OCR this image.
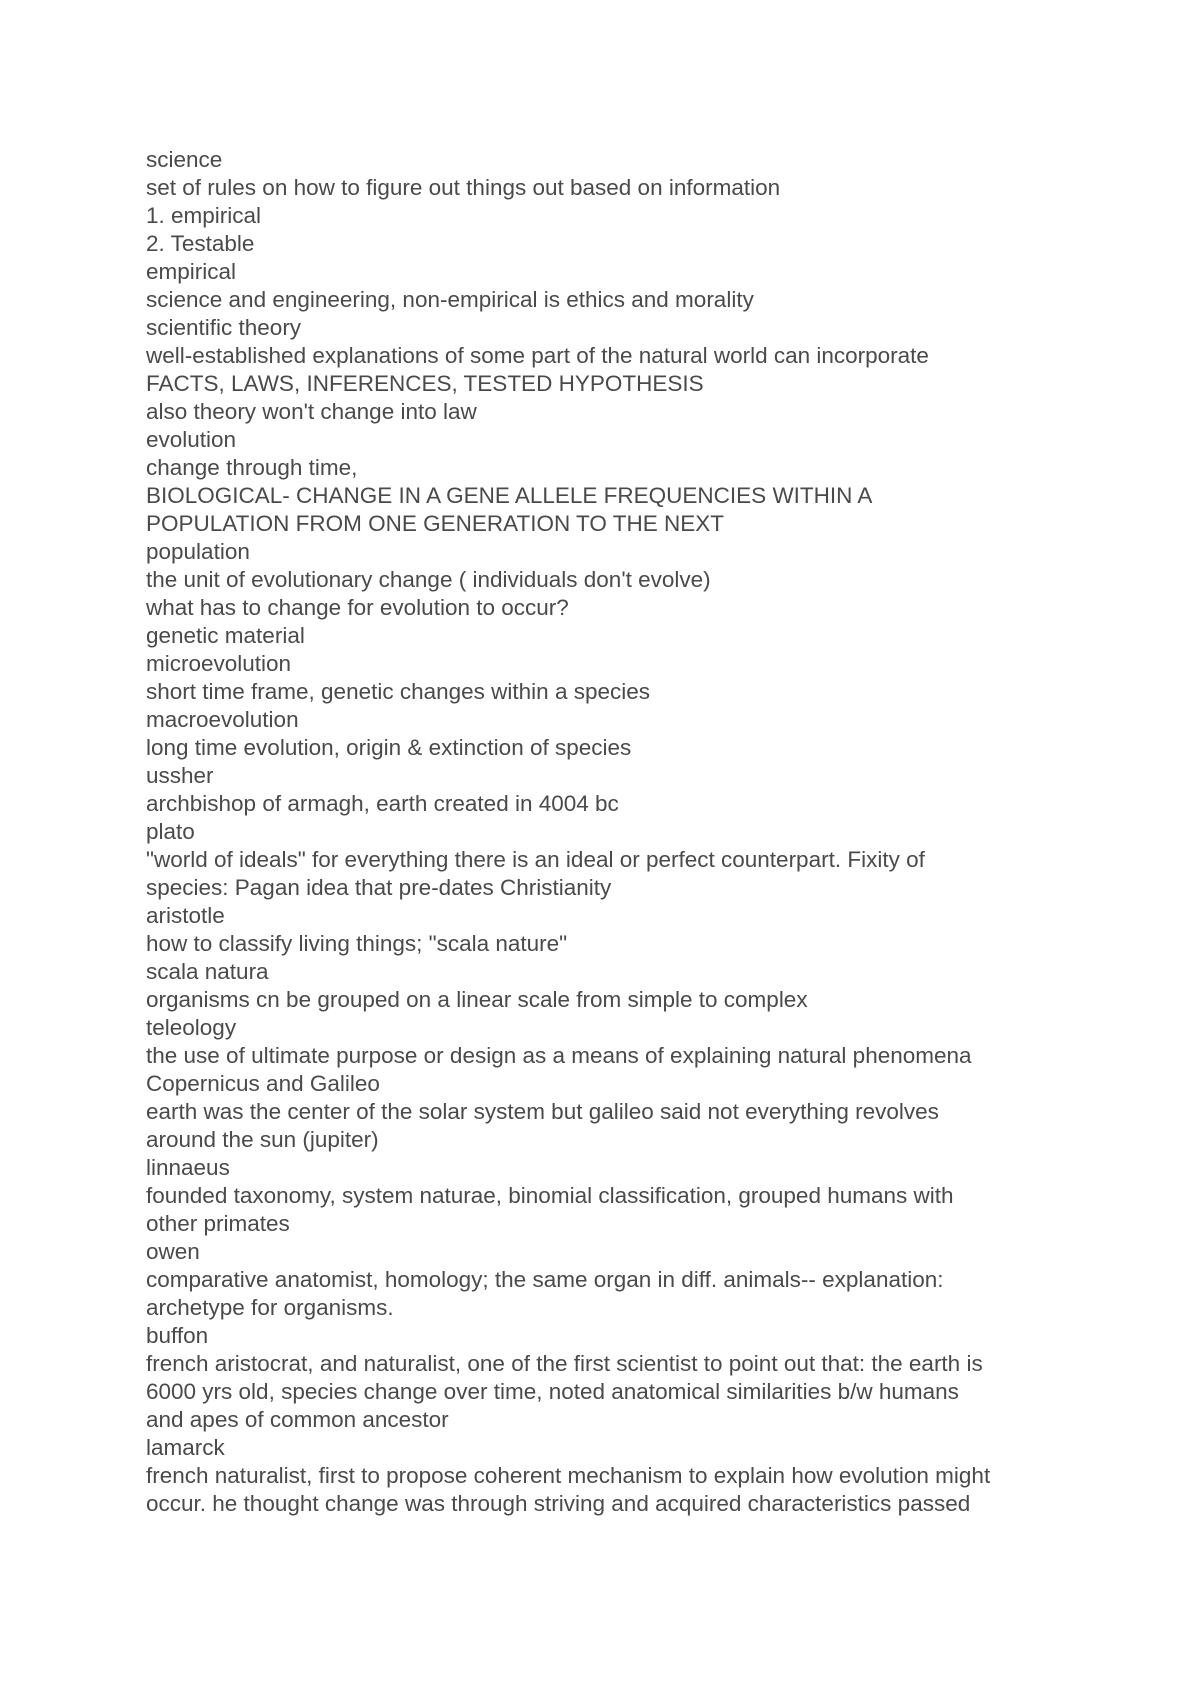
science
set of rules on how to figure out things out based on information
1. empirical
2. Testable
empirical
science and engineering, non-empirical is ethics and morality
scientific theory
well-established explanations of some part of the natural world can incorporate
FACTS, LAWS, INFERENCES, TESTED HYPOTHESIS
also theory won't change into law
evolution
change through time,
BIOLOGICAL- CHANGE IN A GENE ALLELE FREQUENCIES WITHIN A
POPULATION FROM ONE GENERATION TO THE NEXT
population
the unit of evolutionary change ( individuals don't evolve)
what has to change for evolution to occur?
genetic material
microevolution
short time frame, genetic changes within a species
macroevolution
long time evolution, origin & extinction of species
ussher
archbishop of armagh, earth created in 4004 bc
plato
"world of ideals" for everything there is an ideal or perfect counterpart. Fixity of
species: Pagan idea that pre-dates Christianity
aristotle
how to classify living things; "scala nature"
scala natura
organisms cn be grouped on a linear scale from simple to complex
teleology
the use of ultimate purpose or design as a means of explaining natural phenomena
Copernicus and Galileo
earth was the center of the solar system but galileo said not everything revolves
around the sun (jupiter)
linnaeus
founded taxonomy, system naturae, binomial classification, grouped humans with
other primates
owen
comparative anatomist, homology; the same organ in diff. animals-- explanation:
archetype for organisms.
buffon
french aristocrat, and naturalist, one of the first scientist to point out that: the earth is
6000 yrs old, species change over time, noted anatomical similarities b/w humans
and apes of common ancestor
lamarck
french naturalist, first to propose coherent mechanism to explain how evolution might
occur. he thought change was through striving and acquired characteristics passed
